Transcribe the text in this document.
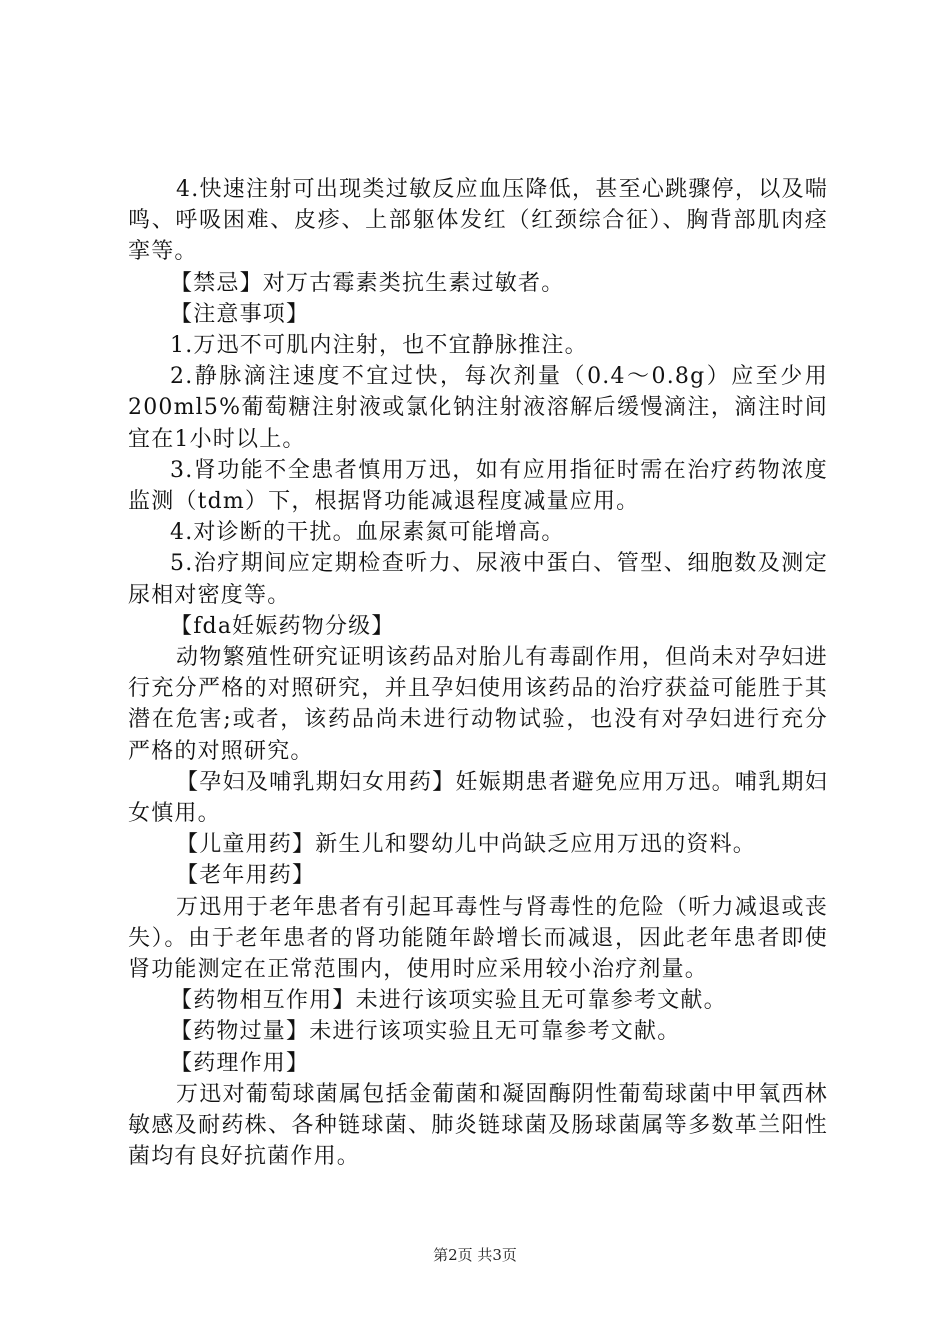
4.快速注射可出现类过敏反应血压降低，甚至心跳骤停，以及喘鸣、呼吸困难、皮疹、上部躯体发红（红颈综合征）、胸背部肌肉痉挛等。

【禁忌】对万古霉素类抗生素过敏者。

【注意事项】

1.万迅不可肌内注射，也不宜静脉推注。

2.静脉滴注速度不宜过快，每次剂量（0.4～0.8g）应至少用200ml5%葡萄糖注射液或氯化钠注射液溶解后缓慢滴注，滴注时间宜在1小时以上。

3.肾功能不全患者慎用万迅，如有应用指征时需在治疗药物浓度监测（tdm）下，根据肾功能减退程度减量应用。

4.对诊断的干扰。血尿素氮可能增高。

5.治疗期间应定期检查听力、尿液中蛋白、管型、细胞数及测定尿相对密度等。

【fda妊娠药物分级】

动物繁殖性研究证明该药品对胎儿有毒副作用，但尚未对孕妇进行充分严格的对照研究，并且孕妇使用该药品的治疗获益可能胜于其潜在危害;或者，该药品尚未进行动物试验，也没有对孕妇进行充分严格的对照研究。

【孕妇及哺乳期妇女用药】妊娠期患者避免应用万迅。哺乳期妇女慎用。

【儿童用药】新生儿和婴幼儿中尚缺乏应用万迅的资料。

【老年用药】

万迅用于老年患者有引起耳毒性与肾毒性的危险（听力减退或丧失）。由于老年患者的肾功能随年龄增长而减退，因此老年患者即使肾功能测定在正常范围内，使用时应采用较小治疗剂量。

【药物相互作用】未进行该项实验且无可靠参考文献。

【药物过量】未进行该项实验且无可靠参考文献。

【药理作用】

万迅对葡萄球菌属包括金葡菌和凝固酶阴性葡萄球菌中甲氧西林敏感及耐药株、各种链球菌、肺炎链球菌及肠球菌属等多数革兰阳性菌均有良好抗菌作用。

第2页 共3页
